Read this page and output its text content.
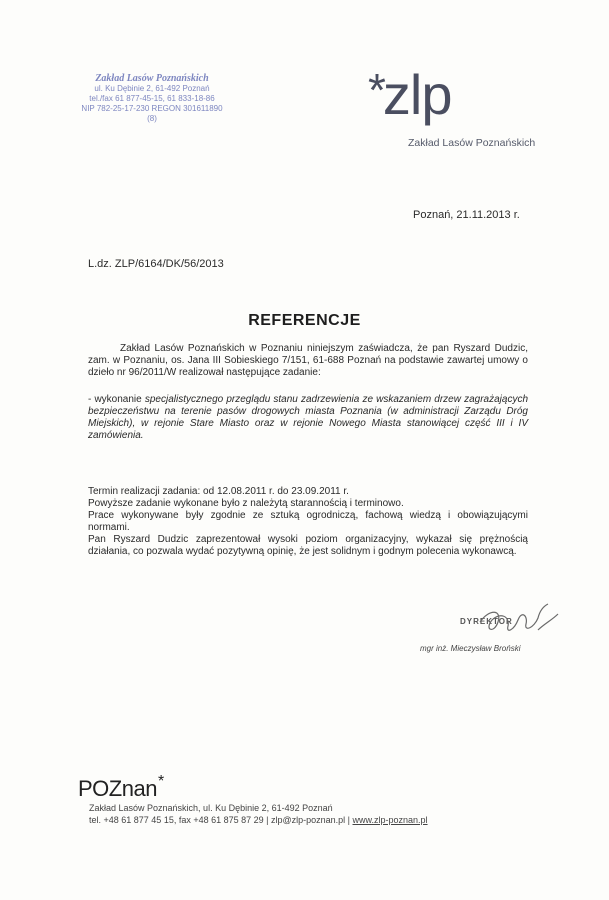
Zakład Lasów Poznańskich
ul. Ku Dębinie 2, 61-492 Poznań
tel./fax 61 877-45-15, 61 833-18-86
NIP 782-25-17-230 REGON 301611890
(8)
*zlp
Zakład Lasów Poznańskich
Poznań, 21.11.2013 r.
L.dz. ZLP/6164/DK/56/2013
REFERENCJE
Zakład Lasów Poznańskich w Poznaniu niniejszym zaświadcza, że pan Ryszard Dudzic, zam. w Poznaniu, os. Jana III Sobieskiego 7/151, 61-688 Poznań na podstawie zawartej umowy o dzieło nr 96/2011/W realizował następujące zadanie:
- wykonanie specjalistycznego przeglądu stanu zadrzewienia ze wskazaniem drzew zagrażających bezpieczeństwu na terenie pasów drogowych miasta Poznania (w administracji Zarządu Dróg Miejskich), w rejonie Stare Miasto oraz w rejonie Nowego Miasta stanowiącej część III i IV zamówienia.
Termin realizacji zadania: od 12.08.2011 r. do 23.09.2011 r.
Powyższe zadanie wykonane było z należytą starannością i terminowo.
Prace wykonywane były zgodnie ze sztuką ogrodniczą, fachową wiedzą i obowiązującymi normami.
Pan Ryszard Dudzic zaprezentował wysoki poziom organizacyjny, wykazał się prężnością działania, co pozwala wydać pozytywną opinię, że jest solidnym i godnym polecenia wykonawcą.
DYREKTOR
mgr inż. Mieczysław Broński
POZnan*
Zakład Lasów Poznańskich, ul. Ku Dębinie 2, 61-492 Poznań
tel. +48 61 877 45 15, fax +48 61 875 87 29 | zlp@zlp-poznan.pl | www.zlp-poznan.pl
